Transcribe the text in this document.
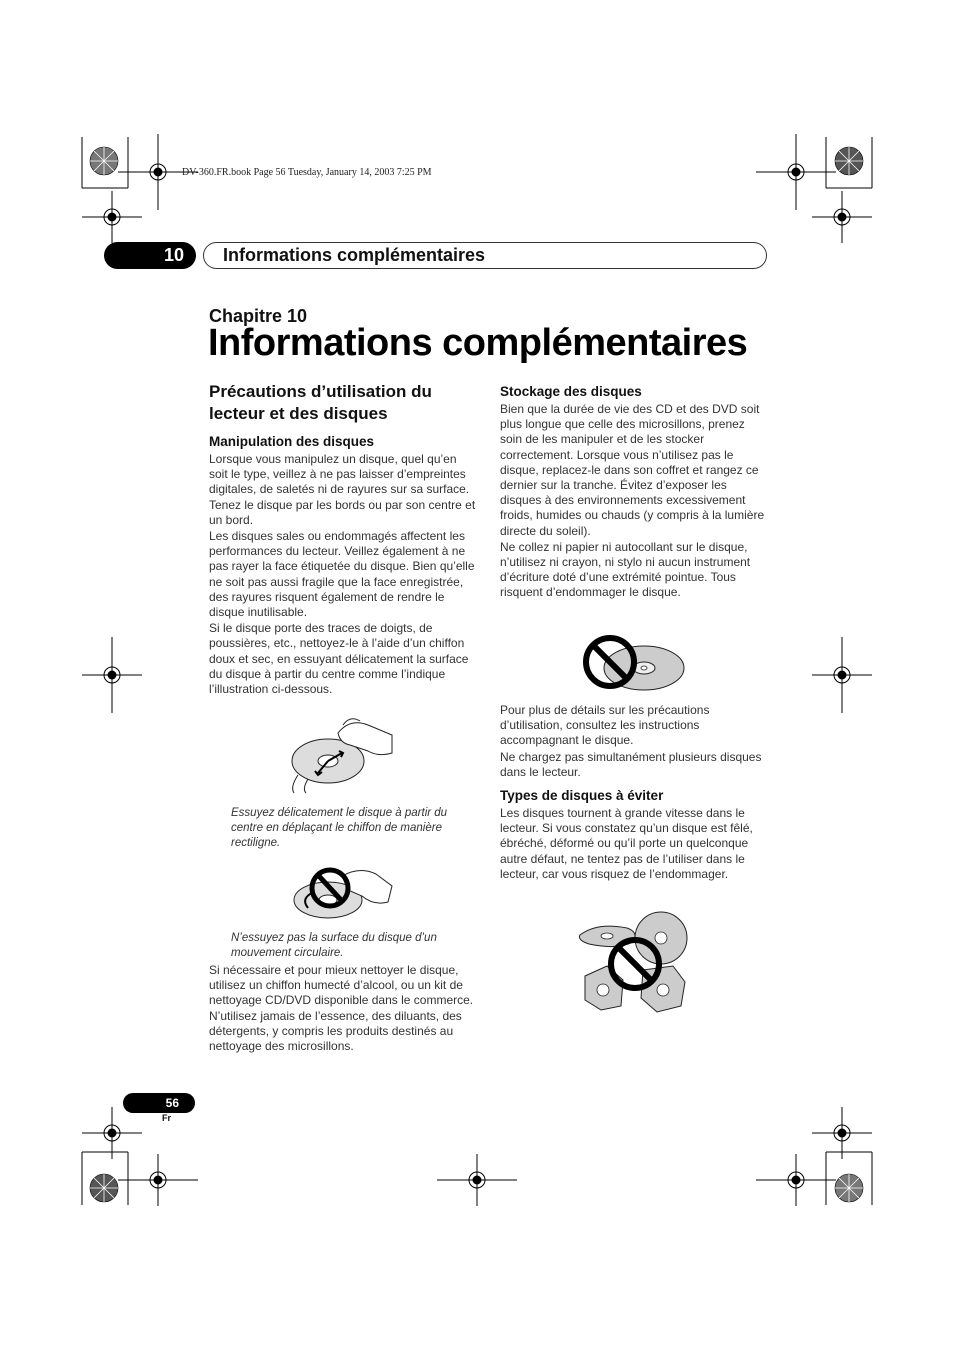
DV-360.FR.book Page 56 Tuesday, January 14, 2003 7:25 PM
10	Informations complémentaires
Chapitre 10
Informations complémentaires
Précautions d’utilisation du
lecteur et des disques
Manipulation des disques

Lorsque vous manipulez un disque, quel qu’en soit le type, veillez à ne pas laisser d’empreintes digitales, de saletés ni de rayures sur sa surface. Tenez le disque par les bords ou par son centre et un bord.

Les disques sales ou endommagés affectent les performances du lecteur. Veillez également à ne pas rayer la face étiquetée du disque. Bien qu’elle ne soit pas aussi fragile que la face enregistrée, des rayures risquent également de rendre le disque inutilisable.

Si le disque porte des traces de doigts, de poussières, etc., nettoyez-le à l’aide d’un chiffon doux et sec, en essuyant délicatement la surface du disque à partir du centre comme l’indique l’illustration ci-dessous.

Essuyez délicatement le disque à partir du centre en déplaçant le chiffon de manière rectiligne.
N’essuyez pas la surface du disque d’un mouvement circulaire.
Si nécessaire et pour mieux nettoyer le disque, utilisez un chiffon humecté d’alcool, ou un kit de nettoyage CD/DVD disponible dans le commerce. N’utilisez jamais de l’essence, des diluants, des détergents, y compris les produits destinés au nettoyage des microsillons.
Stockage des disques

Bien que la durée de vie des CD et des DVD soit plus longue que celle des microsillons, prenez soin de les manipuler et de les stocker correctement. Lorsque vous n’utilisez pas le disque, replacez-le dans son coffret et rangez ce dernier sur la tranche. Évitez d’exposer les disques à des environnements excessivement froids, humides ou chauds (y compris à la lumière directe du soleil).

Ne collez ni papier ni autocollant sur le disque, n’utilisez ni crayon, ni stylo ni aucun instrument d’écriture doté d’une extrémité pointue. Tous risquent d’endommager le disque.

Pour plus de détails sur les précautions d’utilisation, consultez les instructions accompagnant le disque.

Ne chargez pas simultanément plusieurs disques dans le lecteur.

Types de disques à éviter
Les disques tournent à grande vitesse dans le lecteur. Si vous constatez qu’un disque est fêlé, ébréché, déformé ou qu’il porte un quelconque autre défaut, ne tentez pas de l’utiliser dans le lecteur, car vous risquez de l’endommager.
56
Fr
